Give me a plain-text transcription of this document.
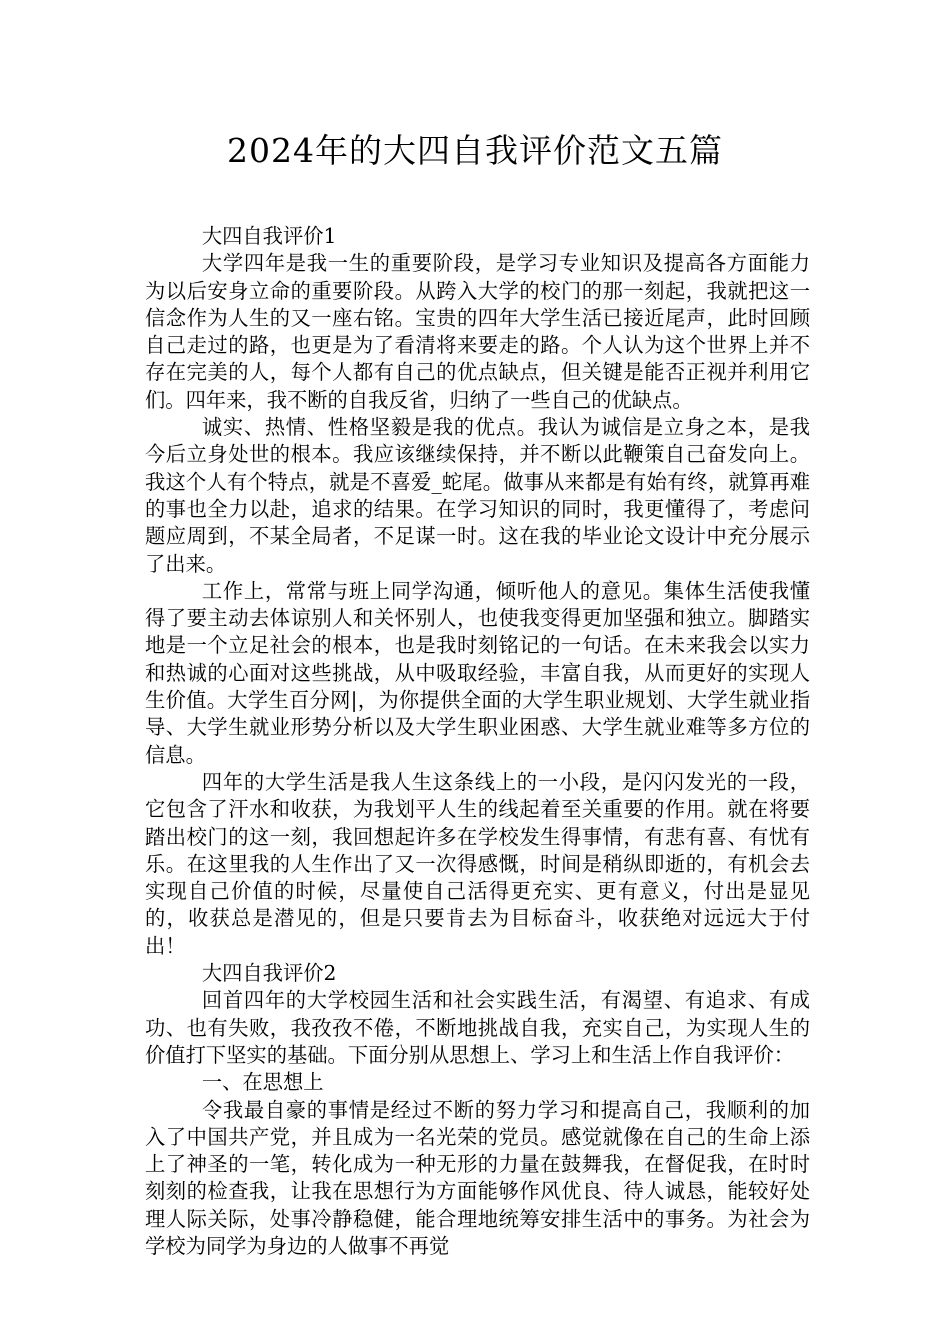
2024年的大四自我评价范文五篇

大四自我评价1

大学四年是我一生的重要阶段，是学习专业知识及提高各方面能力为以后安身立命的重要阶段。从跨入大学的校门的那一刻起，我就把这一信念作为人生的又一座右铭。宝贵的四年大学生活已接近尾声，此时回顾自己走过的路，也更是为了看清将来要走的路。个人认为这个世界上并不存在完美的人，每个人都有自己的优点缺点，但关键是能否正视并利用它们。四年来，我不断的自我反省，归纳了一些自己的优缺点。

诚实、热情、性格坚毅是我的优点。我认为诚信是立身之本，是我今后立身处世的根本。我应该继续保持，并不断以此鞭策自己奋发向上。我这个人有个特点，就是不喜爱_蛇尾。做事从来都是有始有终，就算再难的事也全力以赴，追求的结果。在学习知识的同时，我更懂得了，考虑问题应周到，不某全局者，不足谋一时。这在我的毕业论文设计中充分展示了出来。

工作上，常常与班上同学沟通，倾听他人的意见。集体生活使我懂得了要主动去体谅别人和关怀别人，也使我变得更加坚强和独立。脚踏实地是一个立足社会的根本，也是我时刻铭记的一句话。在未来我会以实力和热诚的心面对这些挑战，从中吸取经验，丰富自我，从而更好的实现人生价值。大学生百分网|，为你提供全面的大学生职业规划、大学生就业指导、大学生就业形势分析以及大学生职业困惑、大学生就业难等多方位的信息。

四年的大学生活是我人生这条线上的一小段，是闪闪发光的一段，它包含了汗水和收获，为我划平人生的线起着至关重要的作用。就在将要踏出校门的这一刻，我回想起许多在学校发生得事情，有悲有喜、有忧有乐。在这里我的人生作出了又一次得感慨，时间是稍纵即逝的，有机会去实现自己价值的时候，尽量使自己活得更充实、更有意义，付出是显见的，收获总是潜见的，但是只要肯去为目标奋斗，收获绝对远远大于付出！

大四自我评价2

回首四年的大学校园生活和社会实践生活，有渴望、有追求、有成功、也有失败，我孜孜不倦，不断地挑战自我，充实自己，为实现人生的价值打下坚实的基础。下面分别从思想上、学习上和生活上作自我评价：

一、在思想上

令我最自豪的事情是经过不断的努力学习和提高自己，我顺利的加入了中国共产党，并且成为一名光荣的党员。感觉就像在自己的生命上添上了神圣的一笔，转化成为一种无形的力量在鼓舞我，在督促我，在时时刻刻的检查我，让我在思想行为方面能够作风优良、待人诚恳，能较好处理人际关际，处事冷静稳健，能合理地统筹安排生活中的事务。为社会为学校为同学为身边的人做事不再觉
